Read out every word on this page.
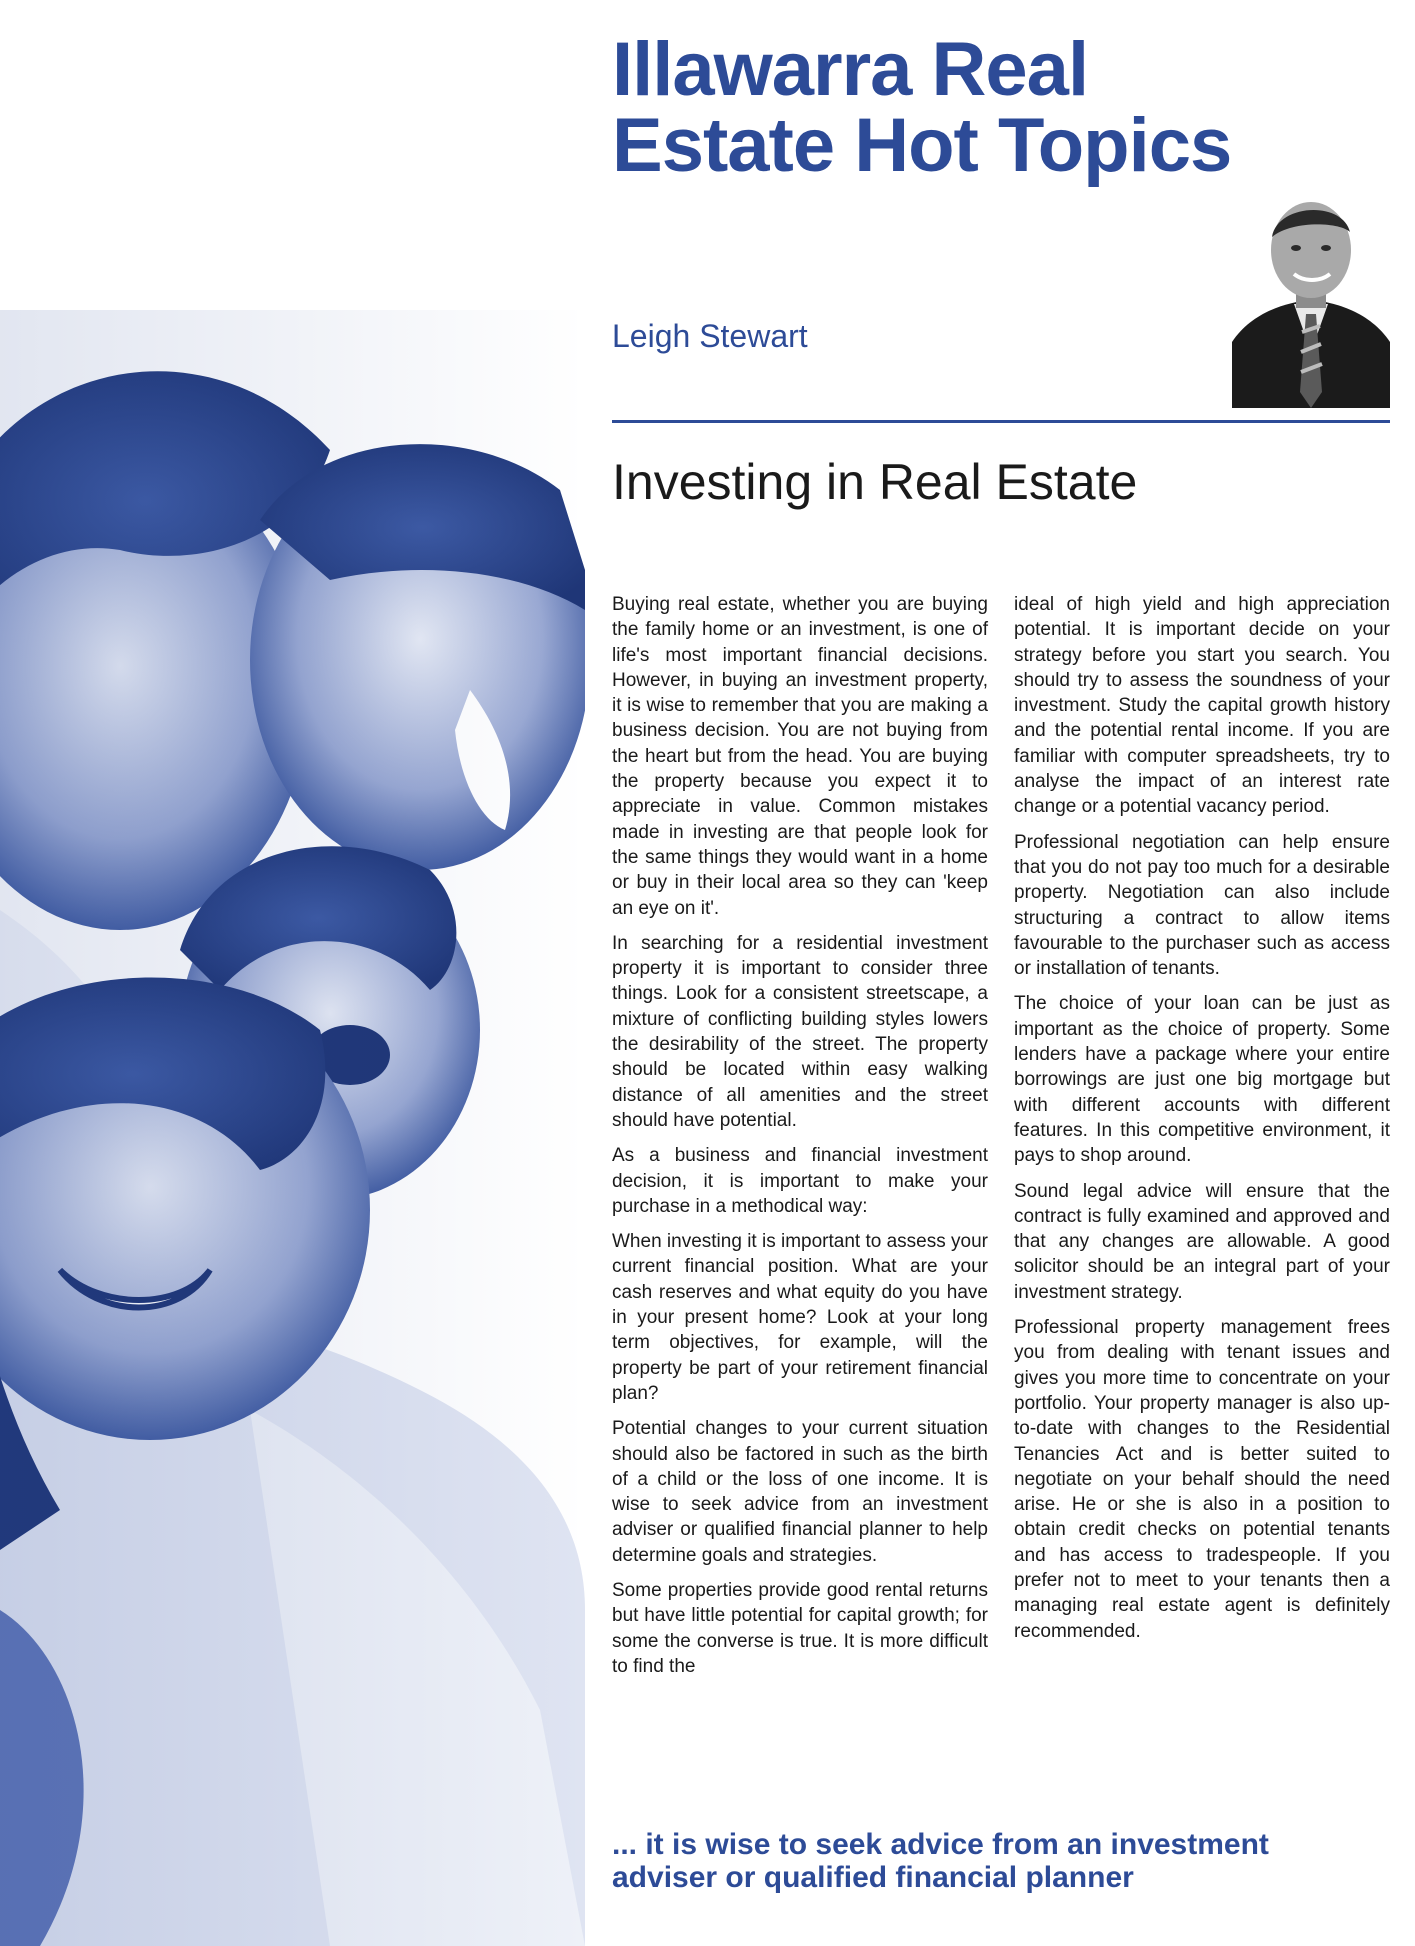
Illawarra Real
Estate Hot Topics

Leigh Stewart

Investing in Real Estate

Buying real estate, whether you are buying the family home or an investment, is one of life's most important financial decisions. However, in buying an investment property, it is wise to remember that you are making a business decision. You are not buying from the heart but from the head. You are buying the property because you expect it to appreciate in value. Common mistakes made in investing are that people look for the same things they would want in a home or buy in their local area so they can 'keep an eye on it'.

In searching for a residential investment property it is important to consider three things. Look for a consistent streetscape, a mixture of conflicting building styles lowers the desirability of the street. The property should be located within easy walking distance of all amenities and the street should have potential.

As a business and financial investment decision, it is important to make your purchase in a methodical way:

When investing it is important to assess your current financial position. What are your cash reserves and what equity do you have in your present home? Look at your long term objectives, for example, will the property be part of your retirement financial plan?

Potential changes to your current situation should also be factored in such as the birth of a child or the loss of one income. It is wise to seek advice from an investment adviser or qualified financial planner to help determine goals and strategies.

Some properties provide good rental returns but have little potential for capital growth; for some the converse is true. It is more difficult to find the

ideal of high yield and high appreciation potential. It is important decide on your strategy before you start you search. You should try to assess the soundness of your investment. Study the capital growth history and the potential rental income. If you are familiar with computer spreadsheets, try to analyse the impact of an interest rate change or a potential vacancy period.

Professional negotiation can help ensure that you do not pay too much for a desirable property. Negotiation can also include structuring a contract to allow items favourable to the purchaser such as access or installation of tenants.

The choice of your loan can be just as important as the choice of property. Some lenders have a package where your entire borrowings are just one big mortgage but with different accounts with different features. In this competitive environment, it pays to shop around.

Sound legal advice will ensure that the contract is fully examined and approved and that any changes are allowable. A good solicitor should be an integral part of your investment strategy.

Professional property management frees you from dealing with tenant issues and gives you more time to concentrate on your portfolio. Your property manager is also up-to-date with changes to the Residential Tenancies Act and is better suited to negotiate on your behalf should the need arise. He or she is also in a position to obtain credit checks on potential tenants and has access to tradespeople. If you prefer not to meet to your tenants then a managing real estate agent is definitely recommended.

... it is wise to seek advice from an investment adviser or qualified financial planner
